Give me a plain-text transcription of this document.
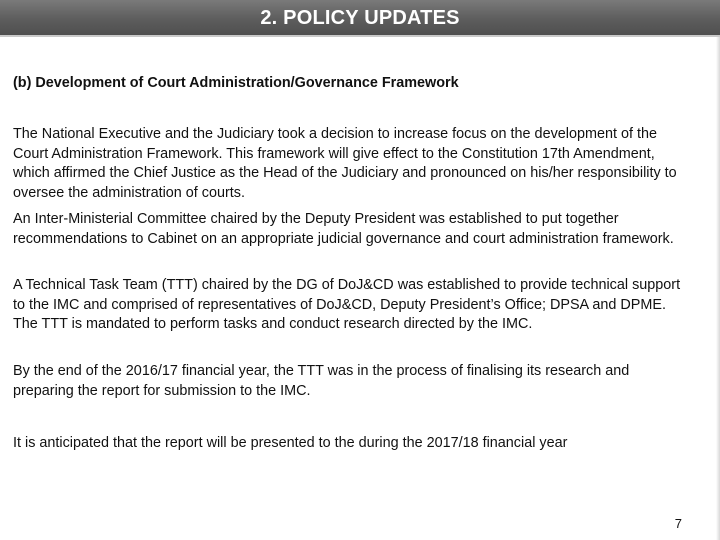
2. POLICY UPDATES
(b) Development of Court Administration/Governance Framework

The National Executive and the Judiciary took a decision to increase focus on the development of the Court Administration Framework. This framework will give effect to the Constitution 17th Amendment, which affirmed the Chief Justice as the Head of the Judiciary and pronounced on his/her responsibility to oversee the administration of courts.

An Inter-Ministerial Committee chaired by the Deputy President was established to put together recommendations to Cabinet on an appropriate judicial governance and court administration framework.

A Technical Task Team (TTT) chaired by the DG of DoJ&CD was established to provide technical support to the IMC and comprised of representatives of DoJ&CD, Deputy President’s Office; DPSA and DPME. The TTT is mandated to perform tasks and conduct research directed by the IMC.

By the end of the 2016/17 financial year, the TTT was in the process of finalising its research and preparing the report for submission to the IMC.

It is anticipated that the report will be presented to the during the 2017/18 financial year

7
